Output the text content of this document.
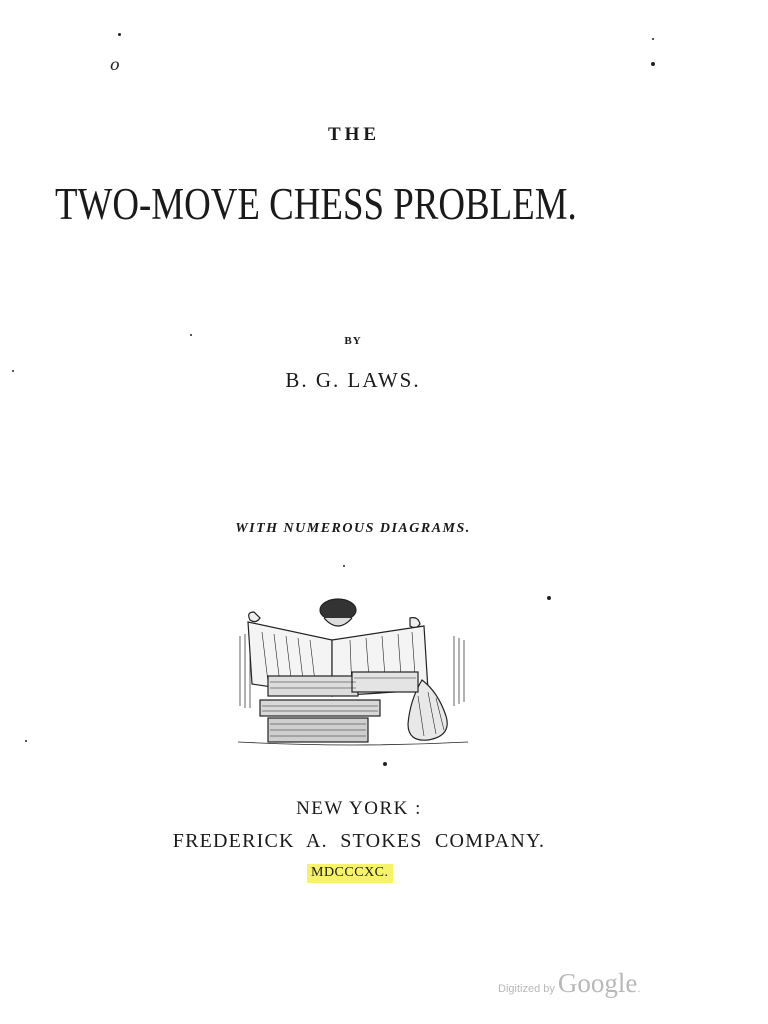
o
THE
TWO-MOVE CHESS PROBLEM.
BY
B. G. LAWS.
WITH NUMEROUS DIAGRAMS.
NEW YORK :
FREDERICK  A.  STOKES  COMPANY.
MDCCCXC.
Digitized by Google.
